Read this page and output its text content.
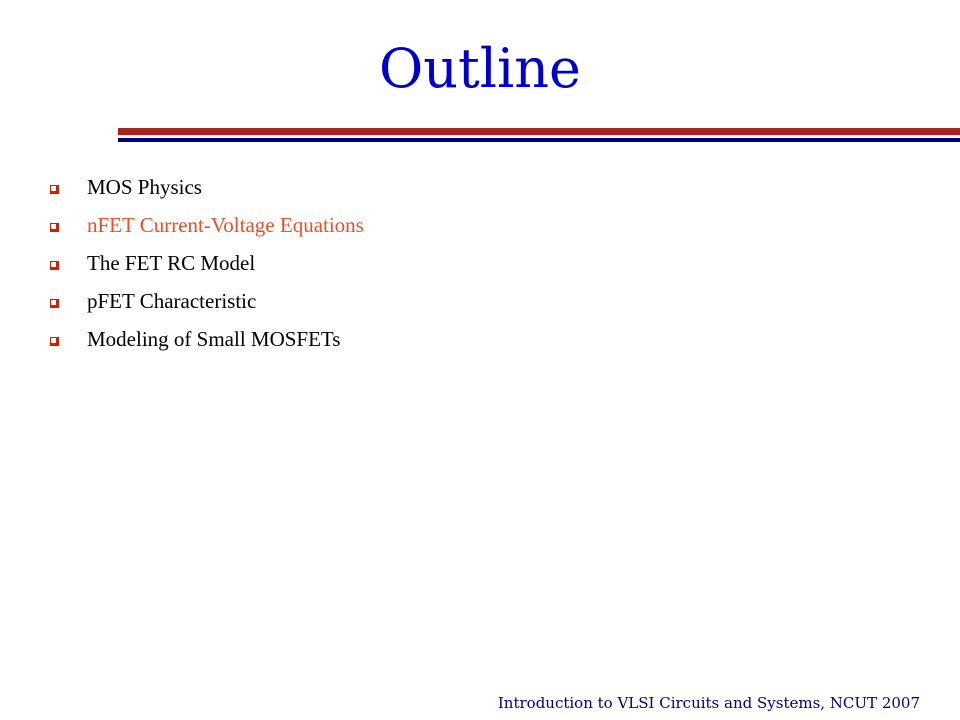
Outline
MOS Physics
nFET Current-Voltage Equations
The FET RC Model
pFET Characteristic
Modeling of Small MOSFETs
Introduction to VLSI Circuits and Systems, NCUT 2007
